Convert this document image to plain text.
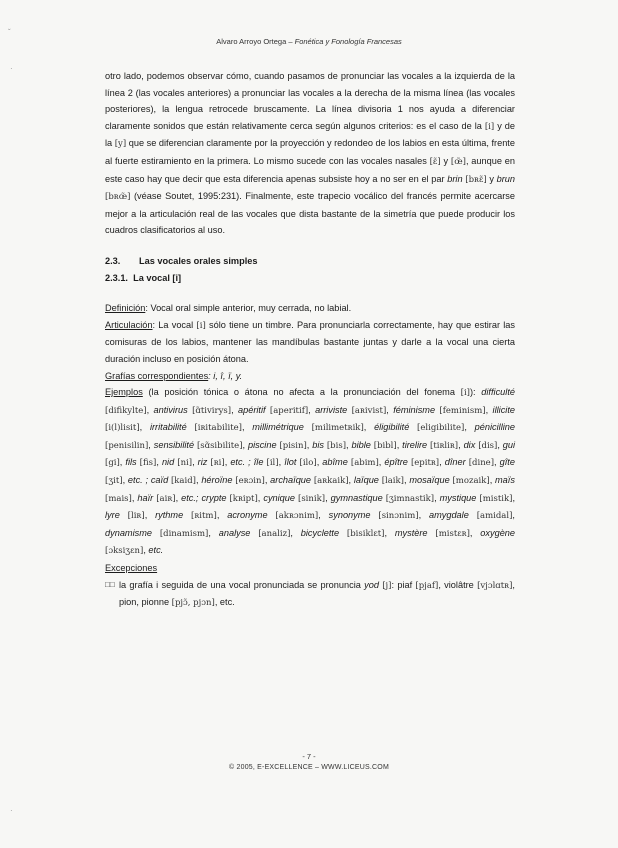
ˇ
·
·
Alvaro Arroyo Ortega – Fonética y Fonología Francesas

otro lado, podemos observar cómo, cuando pasamos de pronunciar las vocales a la izquierda de la línea 2 (las vocales anteriores) a pronunciar las vocales a la derecha de la misma línea (las vocales posteriores), la lengua retrocede bruscamente. La línea divisoria 1 nos ayuda a diferenciar claramente sonidos que están relativamente cerca según algunos criterios: es el caso de la [i] y de la [y] que se diferencian claramente por la proyección y redondeo de los labios en esta última, frente al fuerte estiramiento en la primera. Lo mismo sucede con las vocales nasales [ɛ̃] y [œ̃], aunque en este caso hay que decir que esta diferencia apenas subsiste hoy a no ser en el par brin [bʀɛ̃] y brun [bʀœ̃] (véase Soutet, 1995:231). Finalmente, este trapecio vocálico del francés permite acercarse mejor a la articulación real de las vocales que dista bastante de la simetría que puede producir los cuadros clasificatorios al uso.

2.3. Las vocales orales simples

2.3.1. La vocal [i]

Definición: Vocal oral simple anterior, muy cerrada, no labial.

Articulación: La vocal [i] sólo tiene un timbre. Para pronunciarla correctamente, hay que estirar las comisuras de los labios, mantener las mandíbulas bastante juntas y darle a la vocal una cierta duración incluso en posición átona.

Grafías correspondientes: i, î, ï, y.

Ejemplos (la posición tónica o átona no afecta a la pronunciación del fonema [i]): difficulté [difikylte], antivirus [ɑ̃tivirys], apéritif [aperitif], arriviste [aʀivist], féminisme [feminism], illicite [i(l)lisit], irritabilité [iʀitabilite], millimétrique [milimetʀik], éligibilité [eligibilite], pénicilline [penisilin], sensibilité [sɑ̃sibilite], piscine [pisin], bis [bis], bible [bibl], tirelire [tiʀliʀ], dix [dis], gui [gi], fils [fis], nid [ni], riz [ʀi], etc. ; île [il], îlot [ilo], abîme [abim], épître [epitʀ], dîner [dine], gîte [ʒit], etc. ; caïd [kaid], héroïne [eʀɔin], archaïque [aʀkaik], laïque [laik], mosaïque [mozaik], maïs [mais], haïr [aiʀ], etc.; crypte [kʀipt], cynique [sinik], gymnastique [ʒimnastik], mystique [mistik], lyre [liʀ], rythme [ʀitm], acronyme [akʀɔnim], synonyme [sinɔnim], amygdale [amidal], dynamisme [dinamism], analyse [analiz], bicyclette [bisiklɛt], mystère [mistɛʀ], oxygène [ɔksiʒɛn], etc.

Excepciones

□□ la grafía i seguida de una vocal pronunciada se pronuncia yod [j]: piaf [pjaf], violâtre [vjɔlɑtʀ], pion, pionne [pjɔ̃, pjɔn], etc.

- 7 -
© 2005, E-EXCELLENCE – WWW.LICEUS.COM
